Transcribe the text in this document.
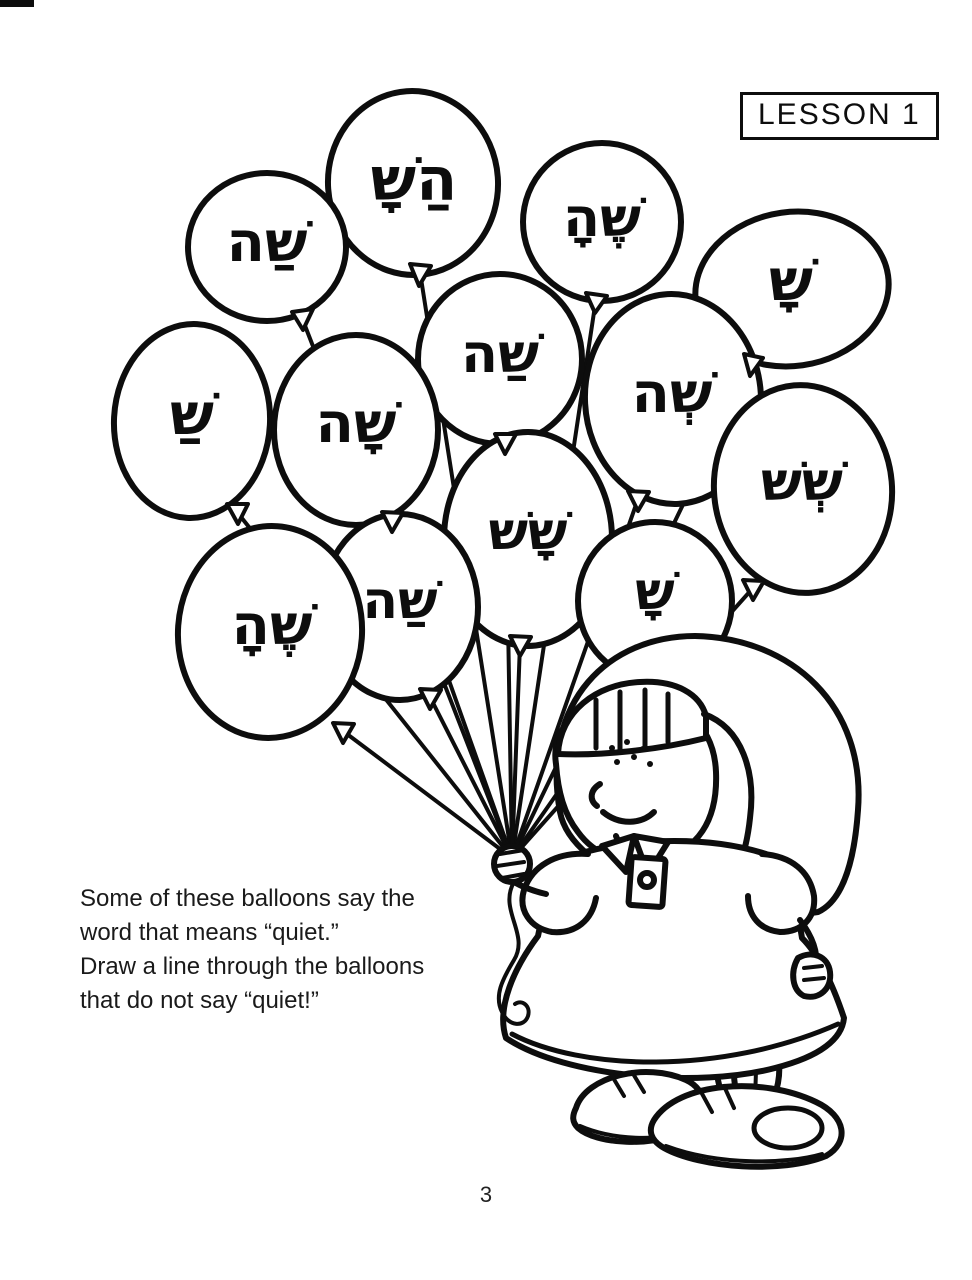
שַׁה
הַשָׁ
שֶׁהָ
שָׁ
שַׁ שָׁה
שַׁה
שְׁה
שְׁשׁ
שֶׁהָ שַׁה
שָׁשׁ
שָׁ
LESSON 1
Some of these balloons say the
word that means “quiet.”
Draw a line through the balloons
that do not say “quiet!”
3
